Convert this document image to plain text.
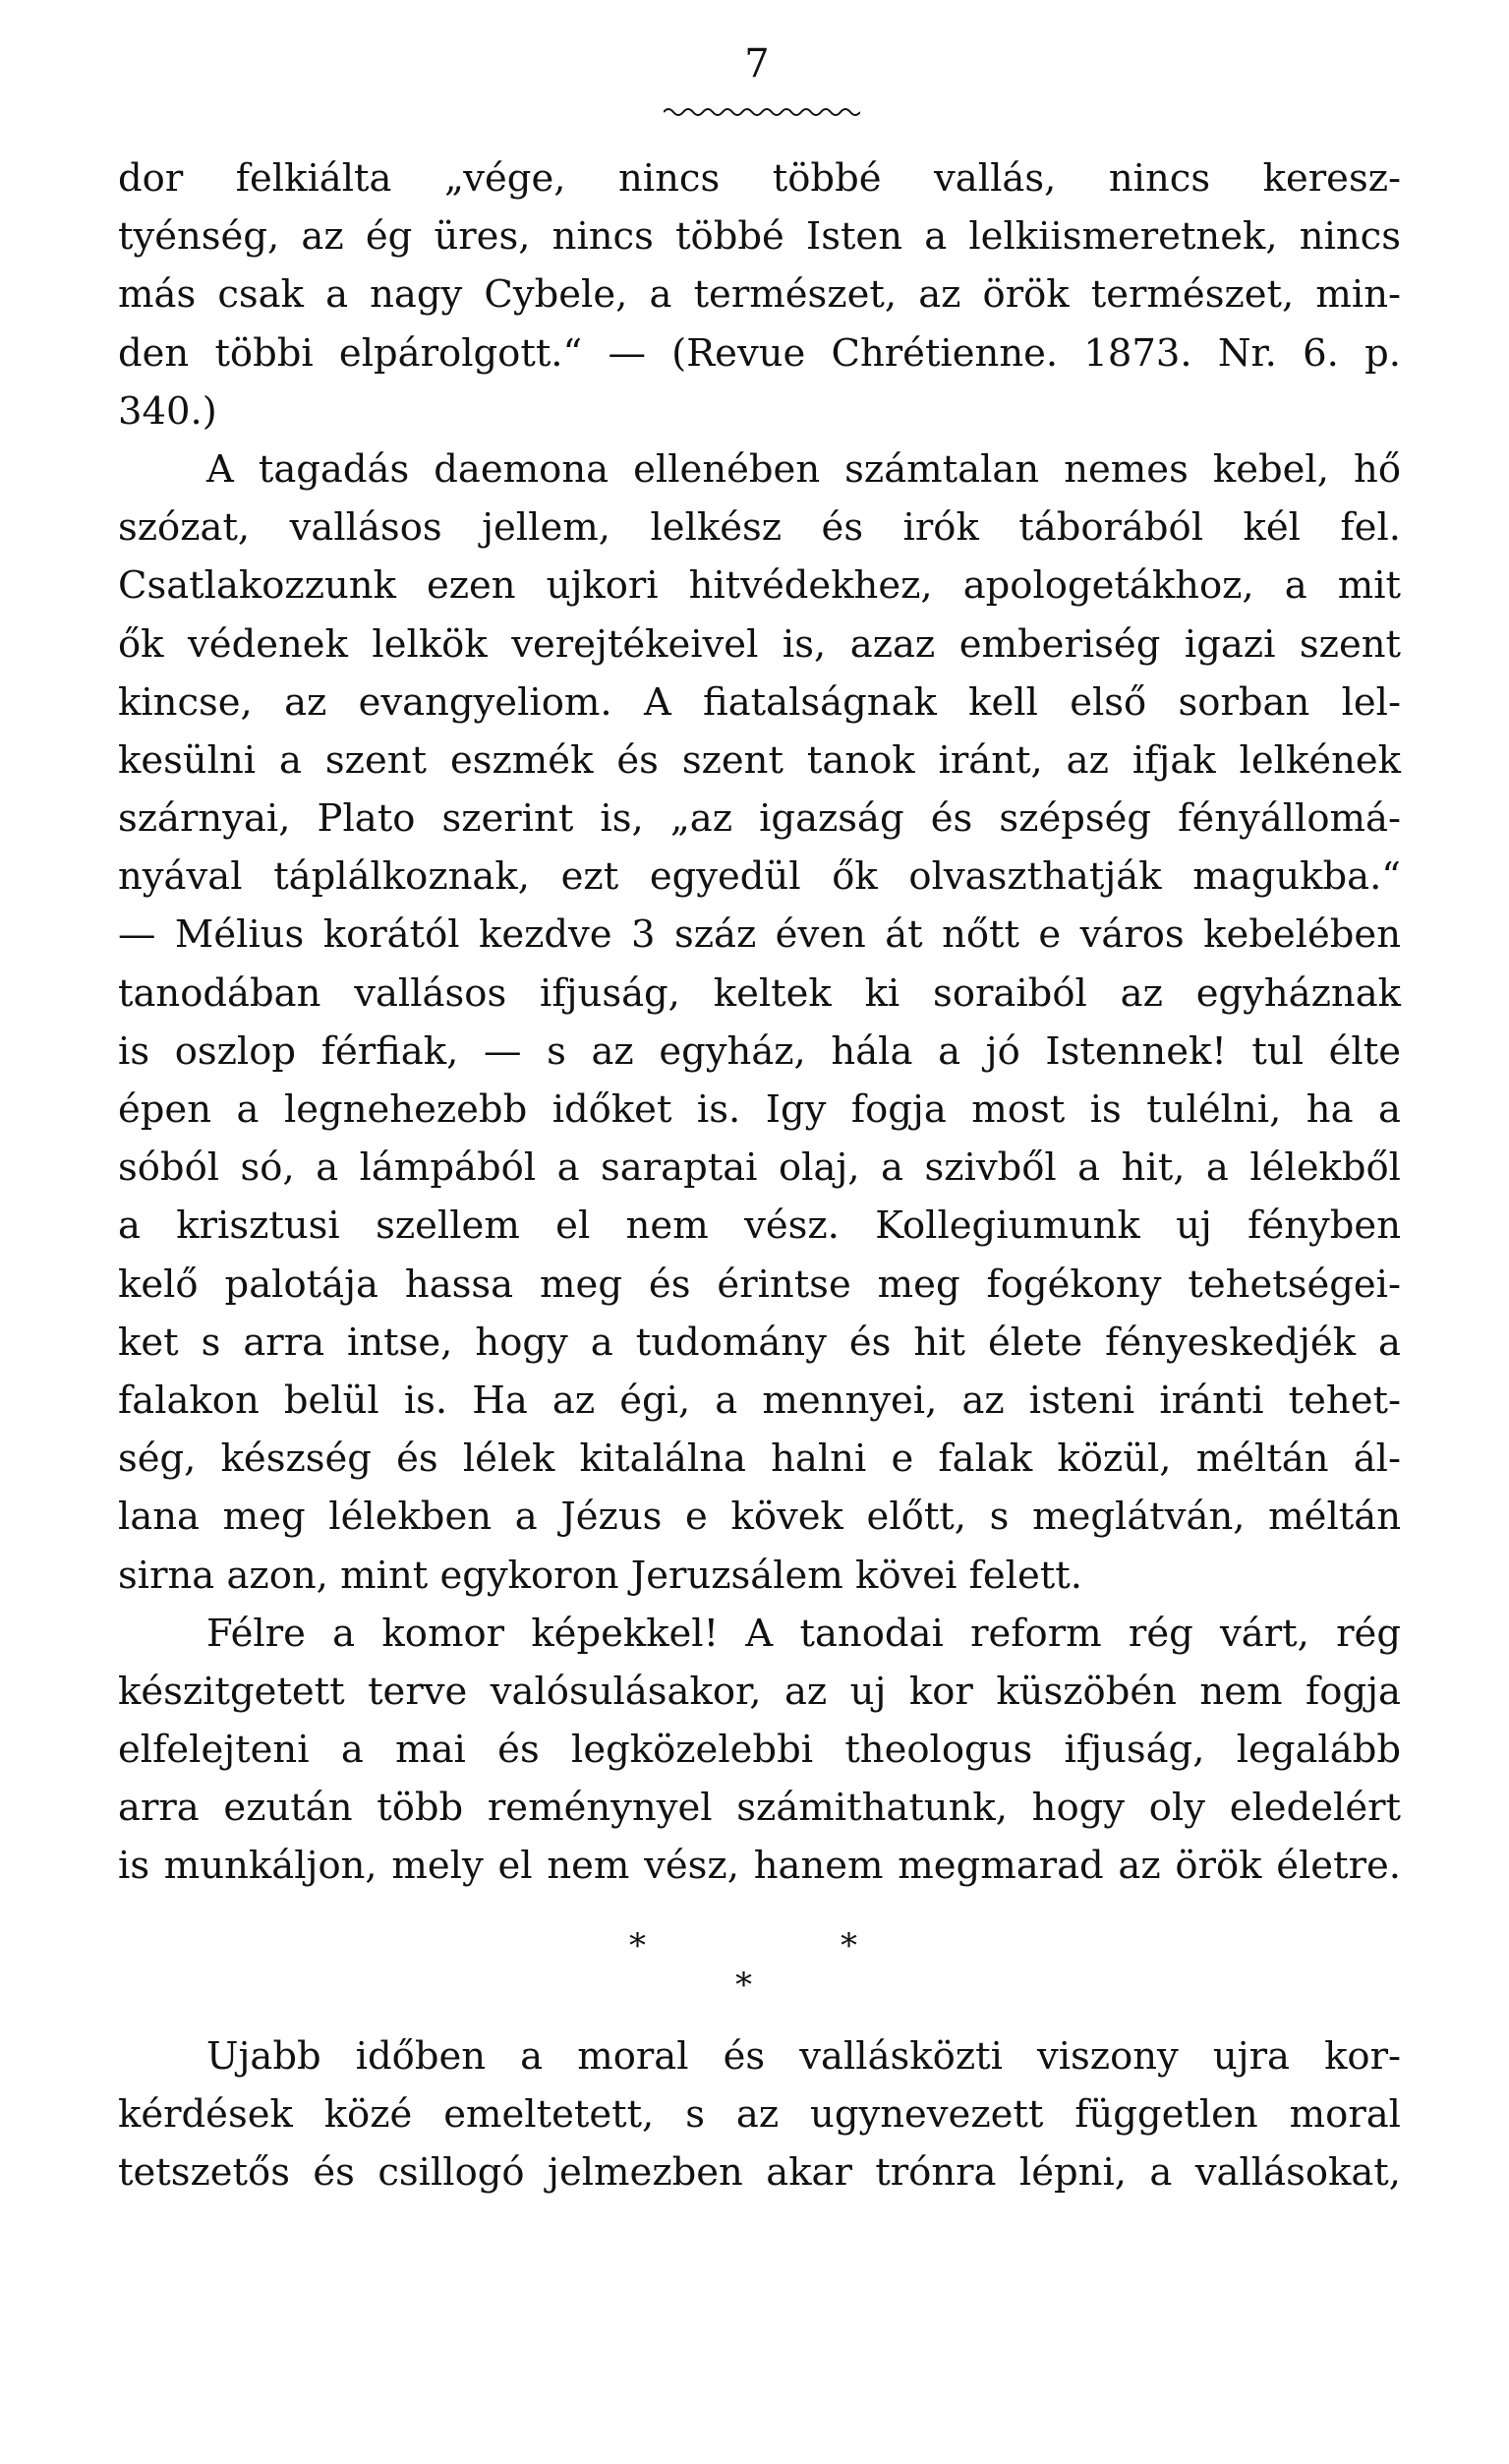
7
dor felkiálta „vége, nincs többé vallás, nincs keresz-
tyénség, az ég üres, nincs többé Isten a lelkiismeretnek, nincs
más csak a nagy Cybele, a természet, az örök természet, min-
den többi elpárolgott.“ — (Revue Chrétienne. 1873. Nr. 6. p.
340.)
A tagadás daemona ellenében számtalan nemes kebel, hő
szózat, vallásos jellem, lelkész és irók táborából kél fel.
Csatlakozzunk ezen ujkori hitvédekhez, apologetákhoz, a mit
ők védenek lelkök verejtékeivel is, azaz emberiség igazi szent
kincse, az evangyeliom. A fiatalságnak kell első sorban lel-
kesülni a szent eszmék és szent tanok iránt, az ifjak lelkének
szárnyai, Plato szerint is, „az igazság és szépség fényállomá-
nyával táplálkoznak, ezt egyedül ők olvaszthatják magukba.“
— Mélius korától kezdve 3 száz éven át nőtt e város kebelében
tanodában vallásos ifjuság, keltek ki soraiból az egyháznak
is oszlop férfiak, — s az egyház, hála a jó Istennek! tul élte
épen a legnehezebb időket is. Igy fogja most is tulélni, ha a
sóból só, a lámpából a saraptai olaj, a szivből a hit, a lélekből
a krisztusi szellem el nem vész. Kollegiumunk uj fényben
kelő palotája hassa meg és érintse meg fogékony tehetségei-
ket s arra intse, hogy a tudomány és hit élete fényeskedjék a
falakon belül is. Ha az égi, a mennyei, az isteni iránti tehet-
ség, készség és lélek kitalálna halni e falak közül, méltán ál-
lana meg lélekben a Jézus e kövek előtt, s meglátván, méltán
sirna azon, mint egykoron Jeruzsálem kövei felett.
Félre a komor képekkel! A tanodai reform rég várt, rég
készitgetett terve valósulásakor, az uj kor küszöbén nem fogja
elfelejteni a mai és legközelebbi theologus ifjuság, legalább
arra ezután több reménynyel számithatunk, hogy oly eledelért
is munkáljon, mely el nem vész, hanem megmarad az örök életre.
*	*
*
Ujabb időben a moral és vallásközti viszony ujra kor-
kérdések közé emeltetett, s az ugynevezett független moral
tetszetős és csillogó jelmezben akar trónra lépni, a vallásokat,
